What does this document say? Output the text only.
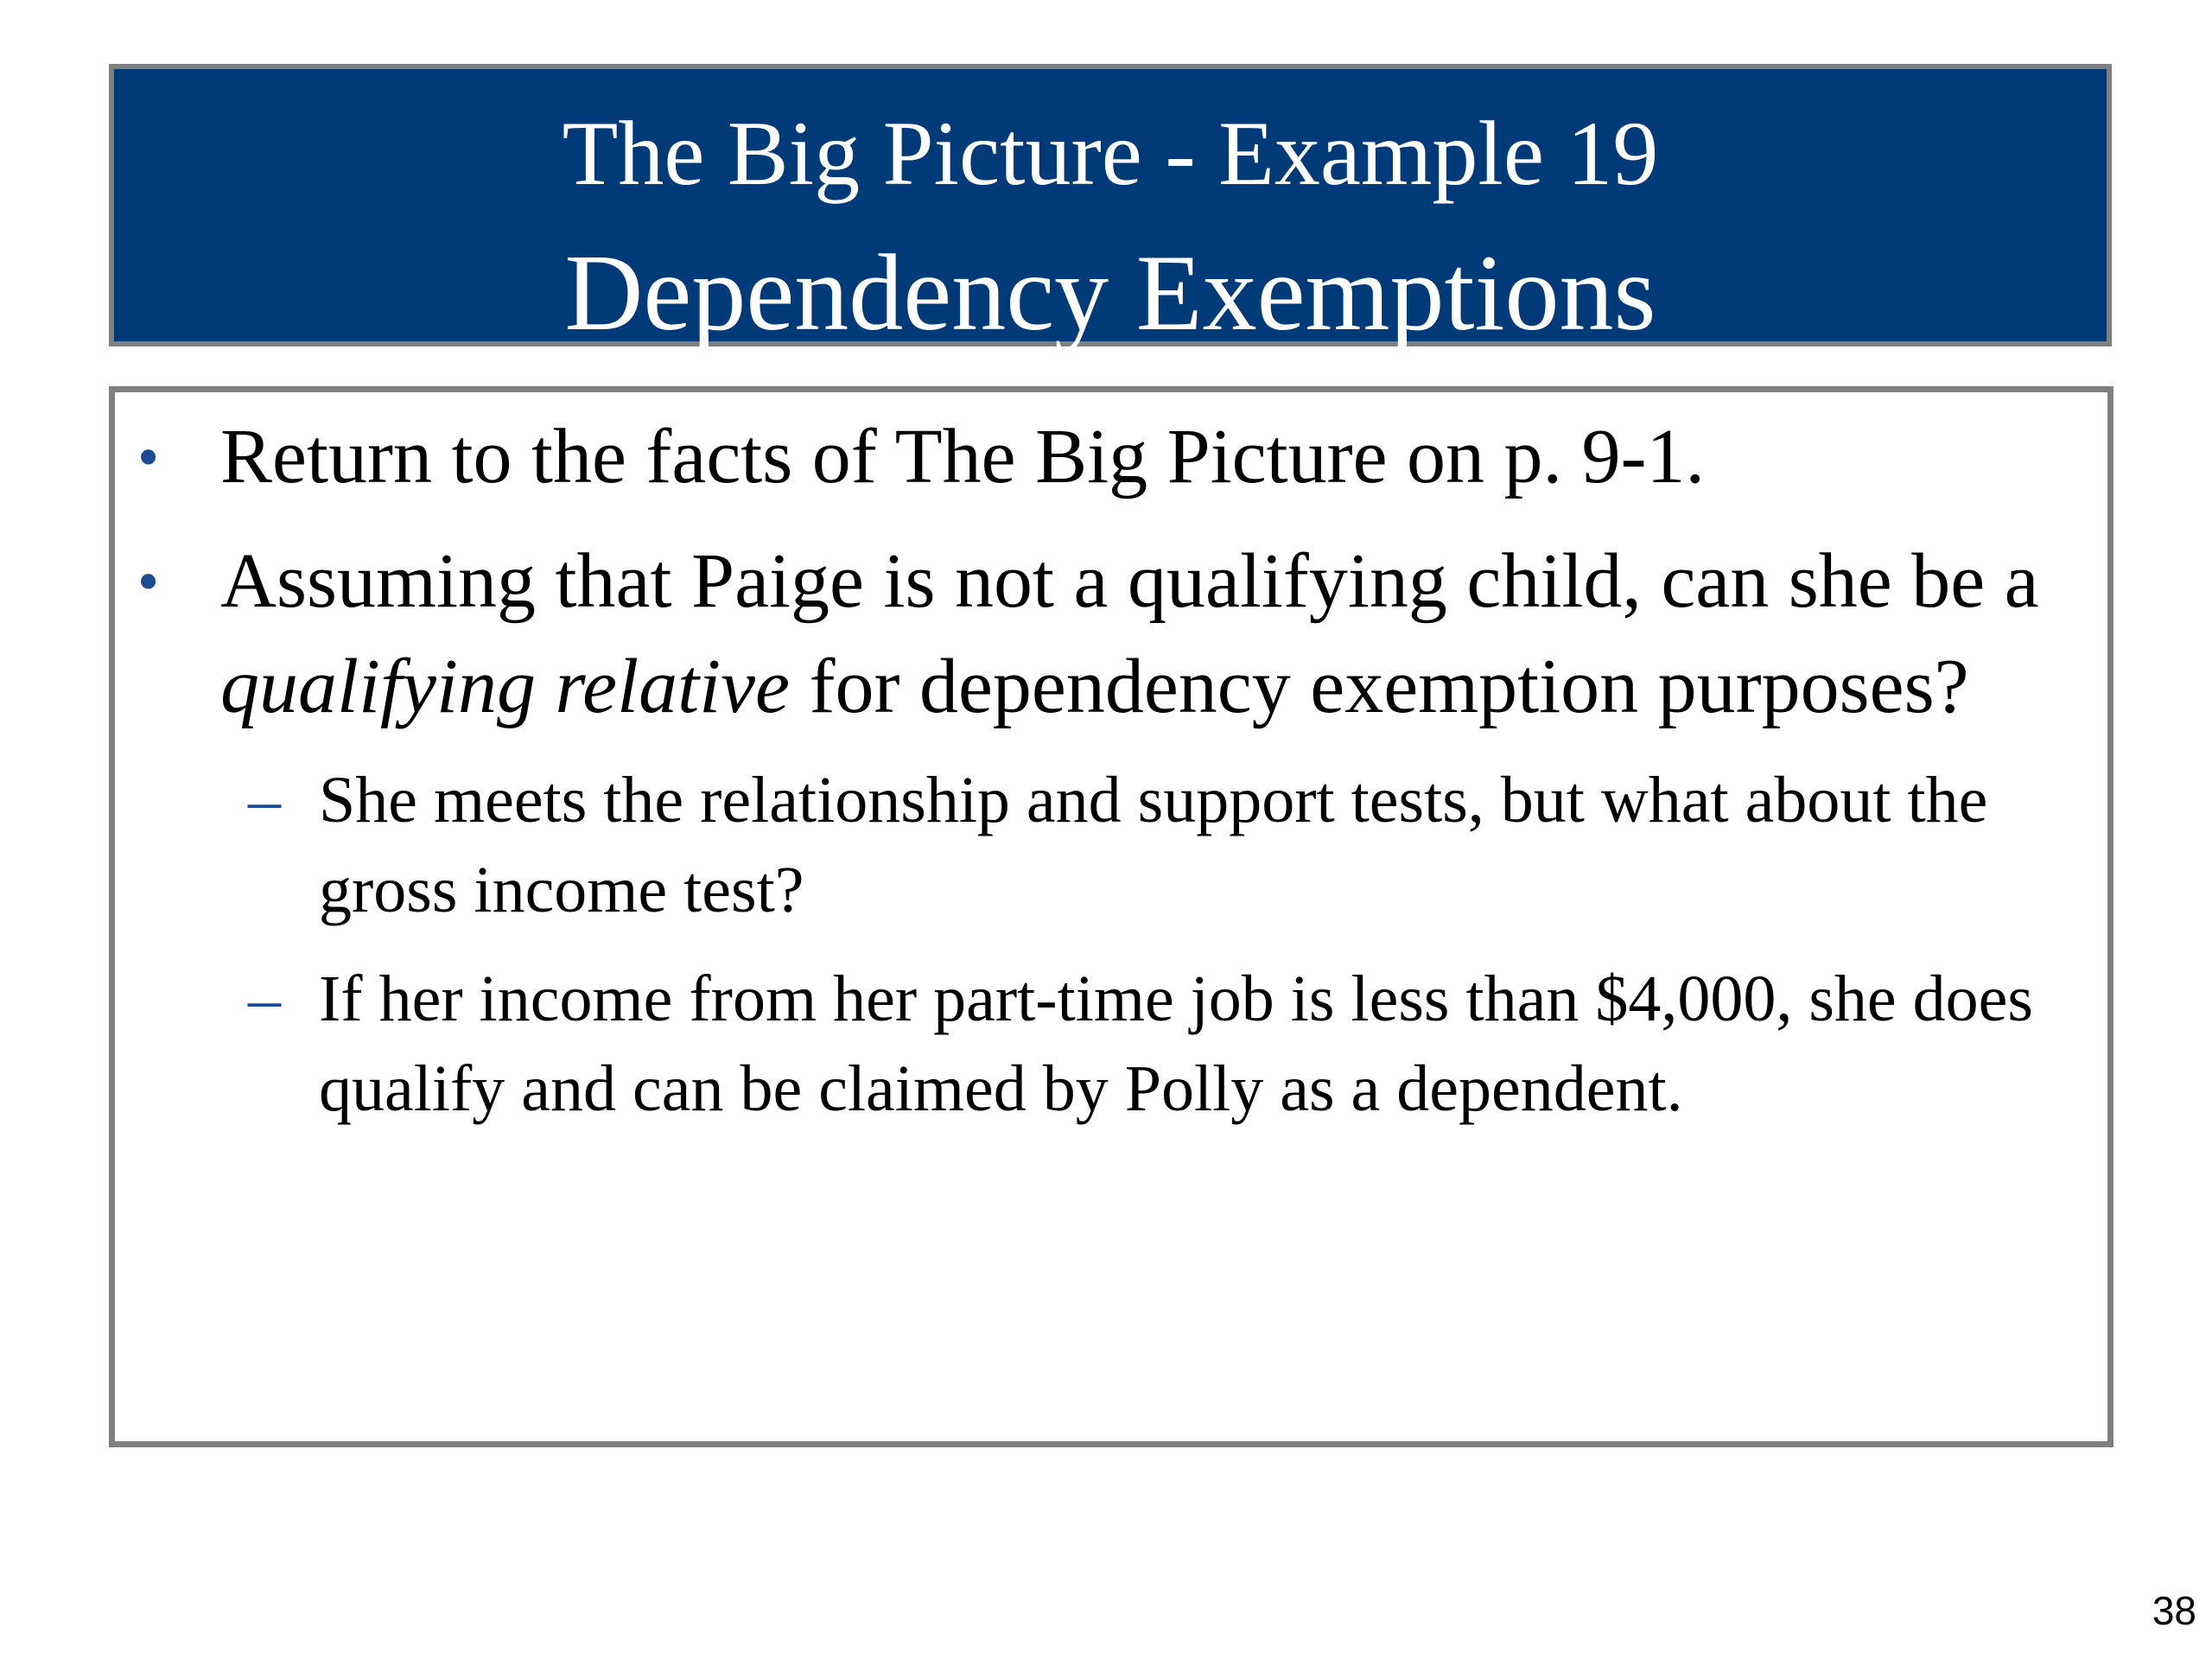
The Big Picture - Example 19
Dependency Exemptions
• Return to the facts of The Big Picture on p. 9-1.
• Assuming that Paige is not a qualifying child, can she be a qualifying relative for dependency exemption purposes?
– She meets the relationship and support tests, but what about the gross income test?
– If her income from her part-time job is less than $4,000, she does qualify and can be claimed by Polly as a dependent.
38
